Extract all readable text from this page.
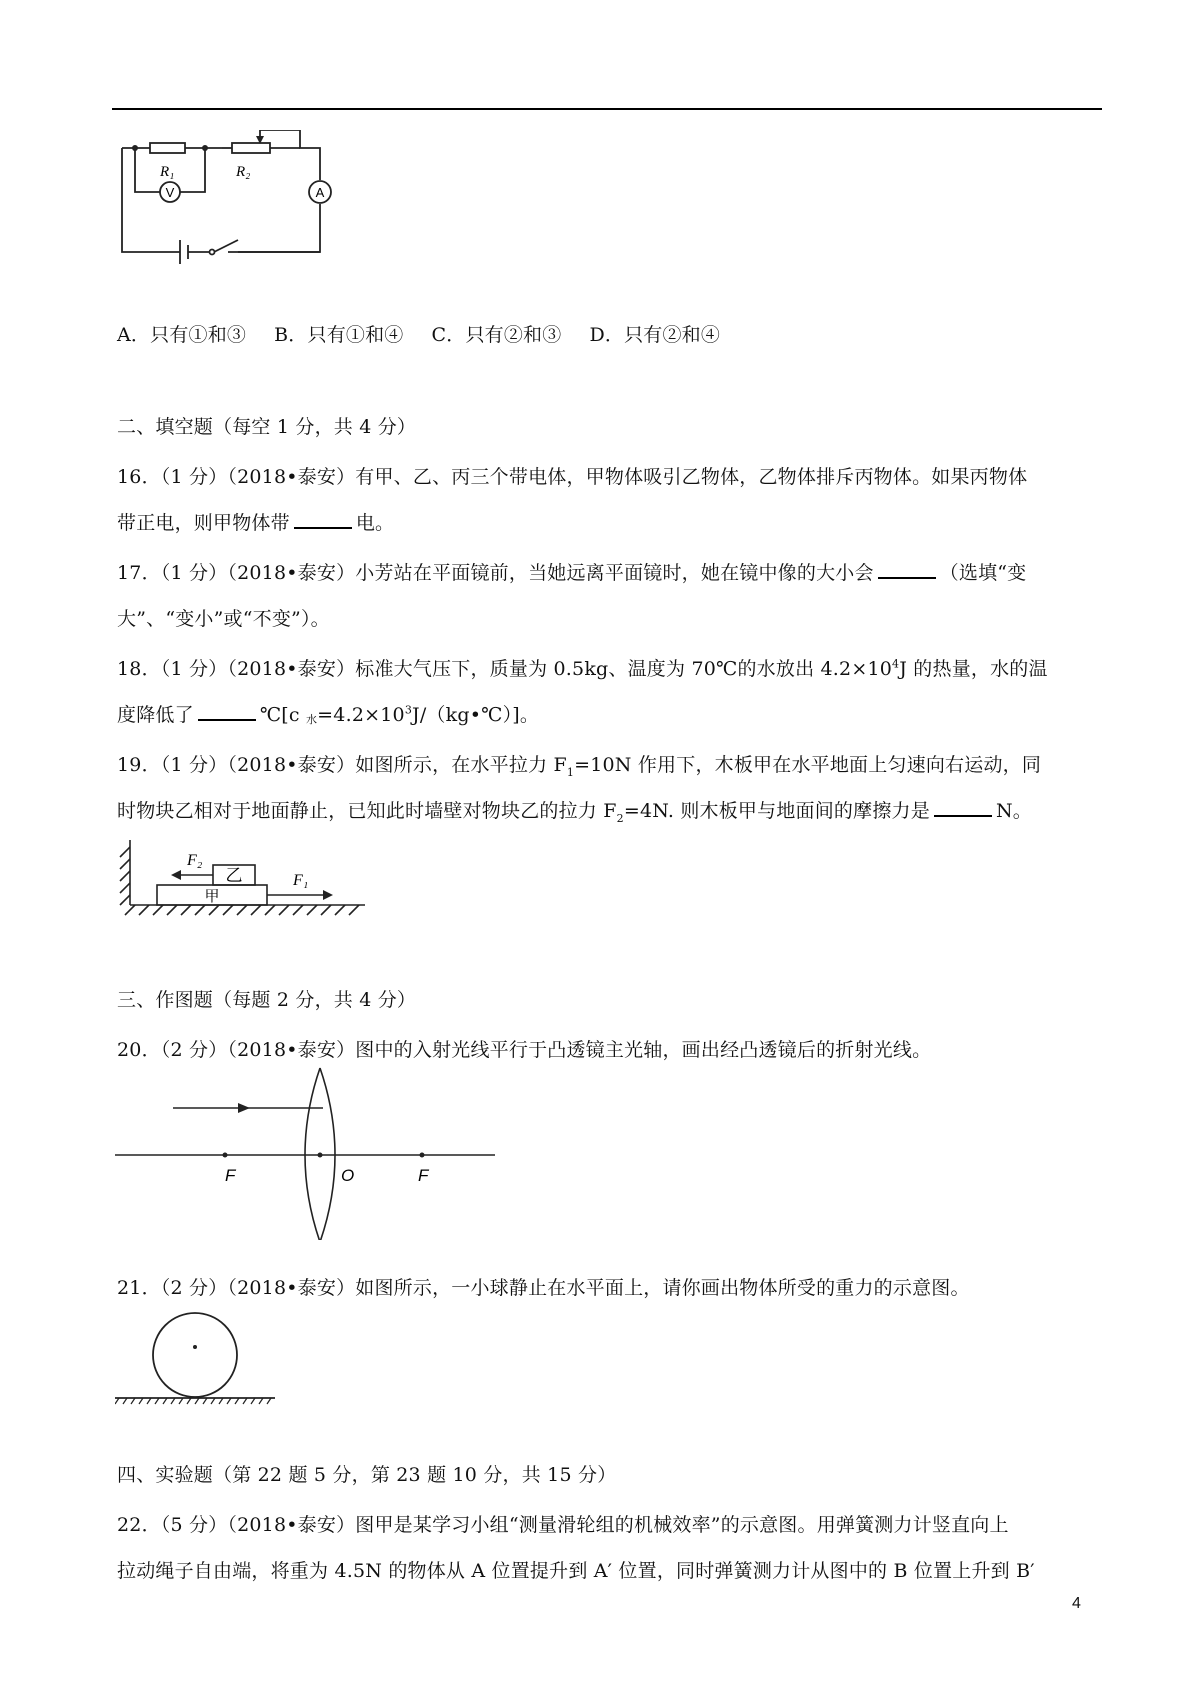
V	A
R₁	R₂
A．只有①和③ B．只有①和④ C．只有②和③ D．只有②和④
二、填空题（每空 1 分，共 4 分）
16．（1 分）（2018•泰安）有甲、乙、丙三个带电体，甲物体吸引乙物体，乙物体排斥丙物体。如果丙物体
带正电，则甲物体带	电。
17．（1 分）（2018•泰安）小芳站在平面镜前，当她远离平面镜时，她在镜中像的大小会	（选填“变
大”、“变小”或“不变”）。
18．（1 分）（2018•泰安）标准大气压下，质量为 0.5kg、温度为 70℃的水放出 $4.2\times 10^4J$ 的热量，水的温
度降低了	℃[c 水$=4.2\times 10^3J/(kg•℃)$]。
19．（1 分）（2018•泰安）如图所示，在水平拉力 $F_1=10N$ 作用下，木板甲在水平地面上匀速向右运动，同
时物块乙相对于地面静止，已知此时墙壁对物块乙的拉力 $F_2=4N$. 则木板甲与地面间的摩擦力是	N。
F₂
F₁
乙
甲
三、作图题（每题 2 分，共 4 分）
20．（2 分）（2018•泰安）图中的入射光线平行于凸透镜主光轴，画出经凸透镜后的折射光线。
F	O	F
21．（2 分）（2018•泰安）如图所示，一小球静止在水平面上，请你画出物体所受的重力的示意图。
四、实验题（第 22 题 5 分，第 23 题 10 分，共 15 分）
22．（5 分）（2018•泰安）图甲是某学习小组“测量滑轮组的机械效率”的示意图。用弹簧测力计竖直向上
拉动绳子自由端，将重为 4.5N 的物体从 A 位置提升到 A′ 位置，同时弹簧测力计从图中的 B 位置上升到 B′
4
